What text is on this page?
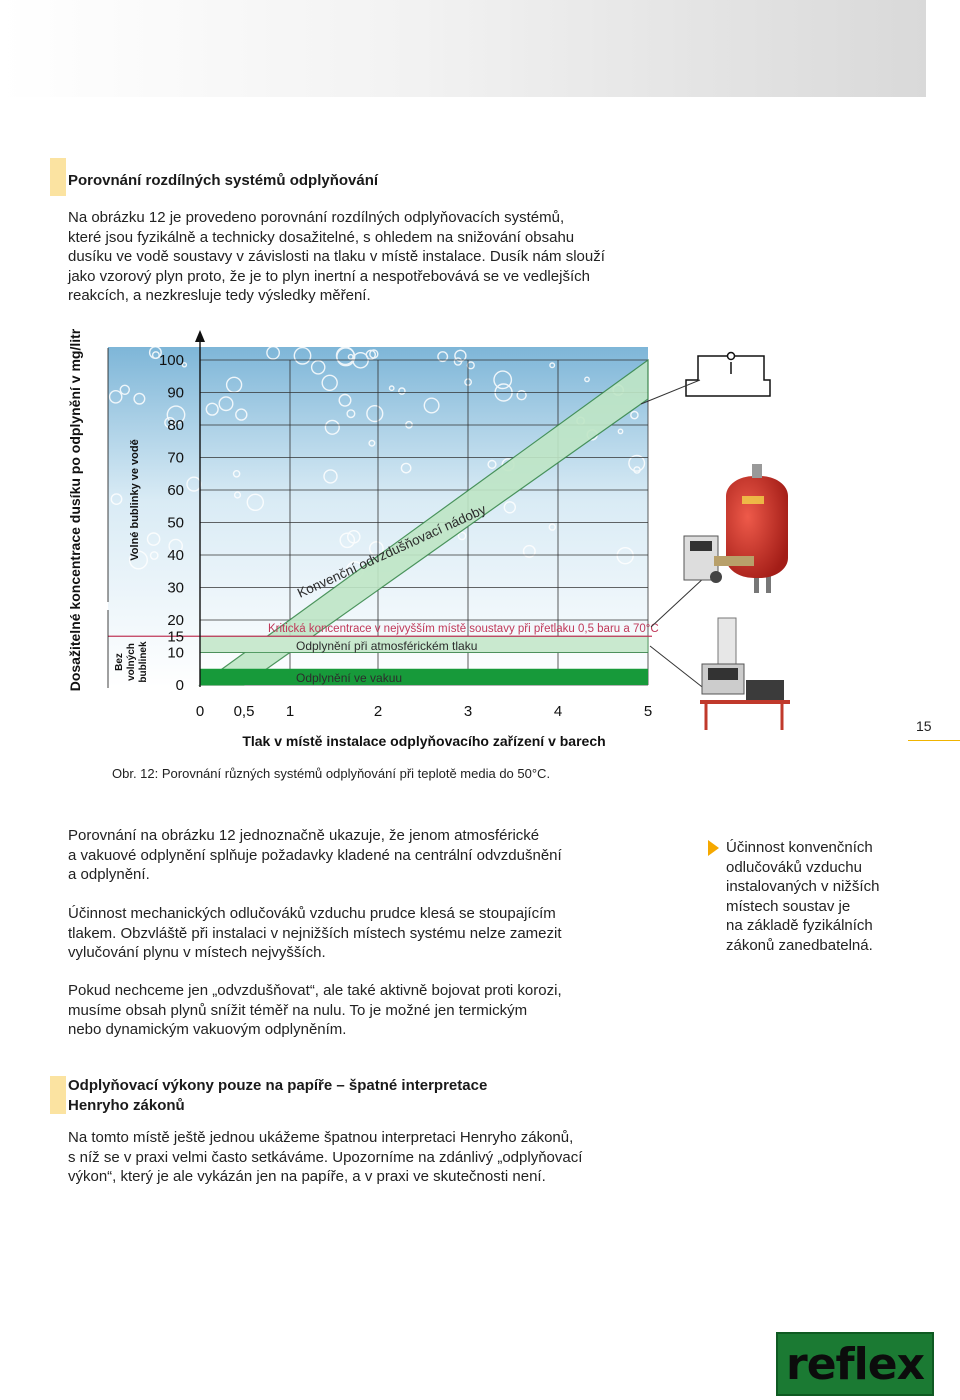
Porovnání rozdílných systémů odplyňování

Na obrázku 12 je provedeno porovnání rozdílných odplyňovacích systémů,
které jsou fyzikálně a technicky dosažitelné, s ohledem na snižování obsahu
dusíku ve vodě soustavy v závislosti na tlaku v místě instalace. Dusík nám slouží
jako vzorový plyn proto, že je to plyn inertní a nespotřebovává se ve vedlejších
reakcích, a nezkresluje tedy výsledky měření.

0
10
15
20
30
40
50
60
70
80
90
100
0 0,5 1	2	3	4	5
Konvenční odvzdušňovací nádoby
Kritická koncentrace v nejvyšším místě soustavy při přetlaku 0,5 baru a 70°C
Odplynění při atmosférickém tlaku
Odplynění ve vakuu
Tlak v místě instalace odplyňovacího zařízení v barech
Dosažitelné koncentrace dusíku po odplynění v mg/litr	Volné bublinky ve vodě
Bezvolnýchbublinek
15
Obr. 12: Porovnání různých systémů odplyňování při teplotě media do 50°C.

Porovnání na obrázku 12 jednoznačně ukazuje, že jenom atmosférické
a vakuové odplynění splňuje požadavky kladené na centrální odvzdušnění
a odplynění.

Účinnost mechanických odlučováků vzduchu prudce klesá se stoupajícím
tlakem. Obzvláště při instalaci v nejnižších místech systému nelze zamezit
vylučování plynu v místech nejvyšších.

Pokud nechceme jen „odvzdušňovat“, ale také aktivně bojovat proti korozi,
musíme obsah plynů snížit téměř na nulu. To je možné jen termickým
nebo dynamickým vakuovým odplyněním.

Účinnost konvenčních
odlučováků vzduchu
instalovaných v nižších
místech soustav je
na základě fyzikálních
zákonů zanedbatelná.
Odplyňovací výkony pouze na papíře – špatné interpretace
Henryho zákonů

Na tomto místě ještě jednou ukážeme špatnou interpretaci Henryho zákonů,
s níž se v praxi velmi často setkáváme. Upozorníme na zdánlivý „odplyňovací
výkon“, který je ale vykázán jen na papíře, a v praxi ve skutečnosti není.

reflex
